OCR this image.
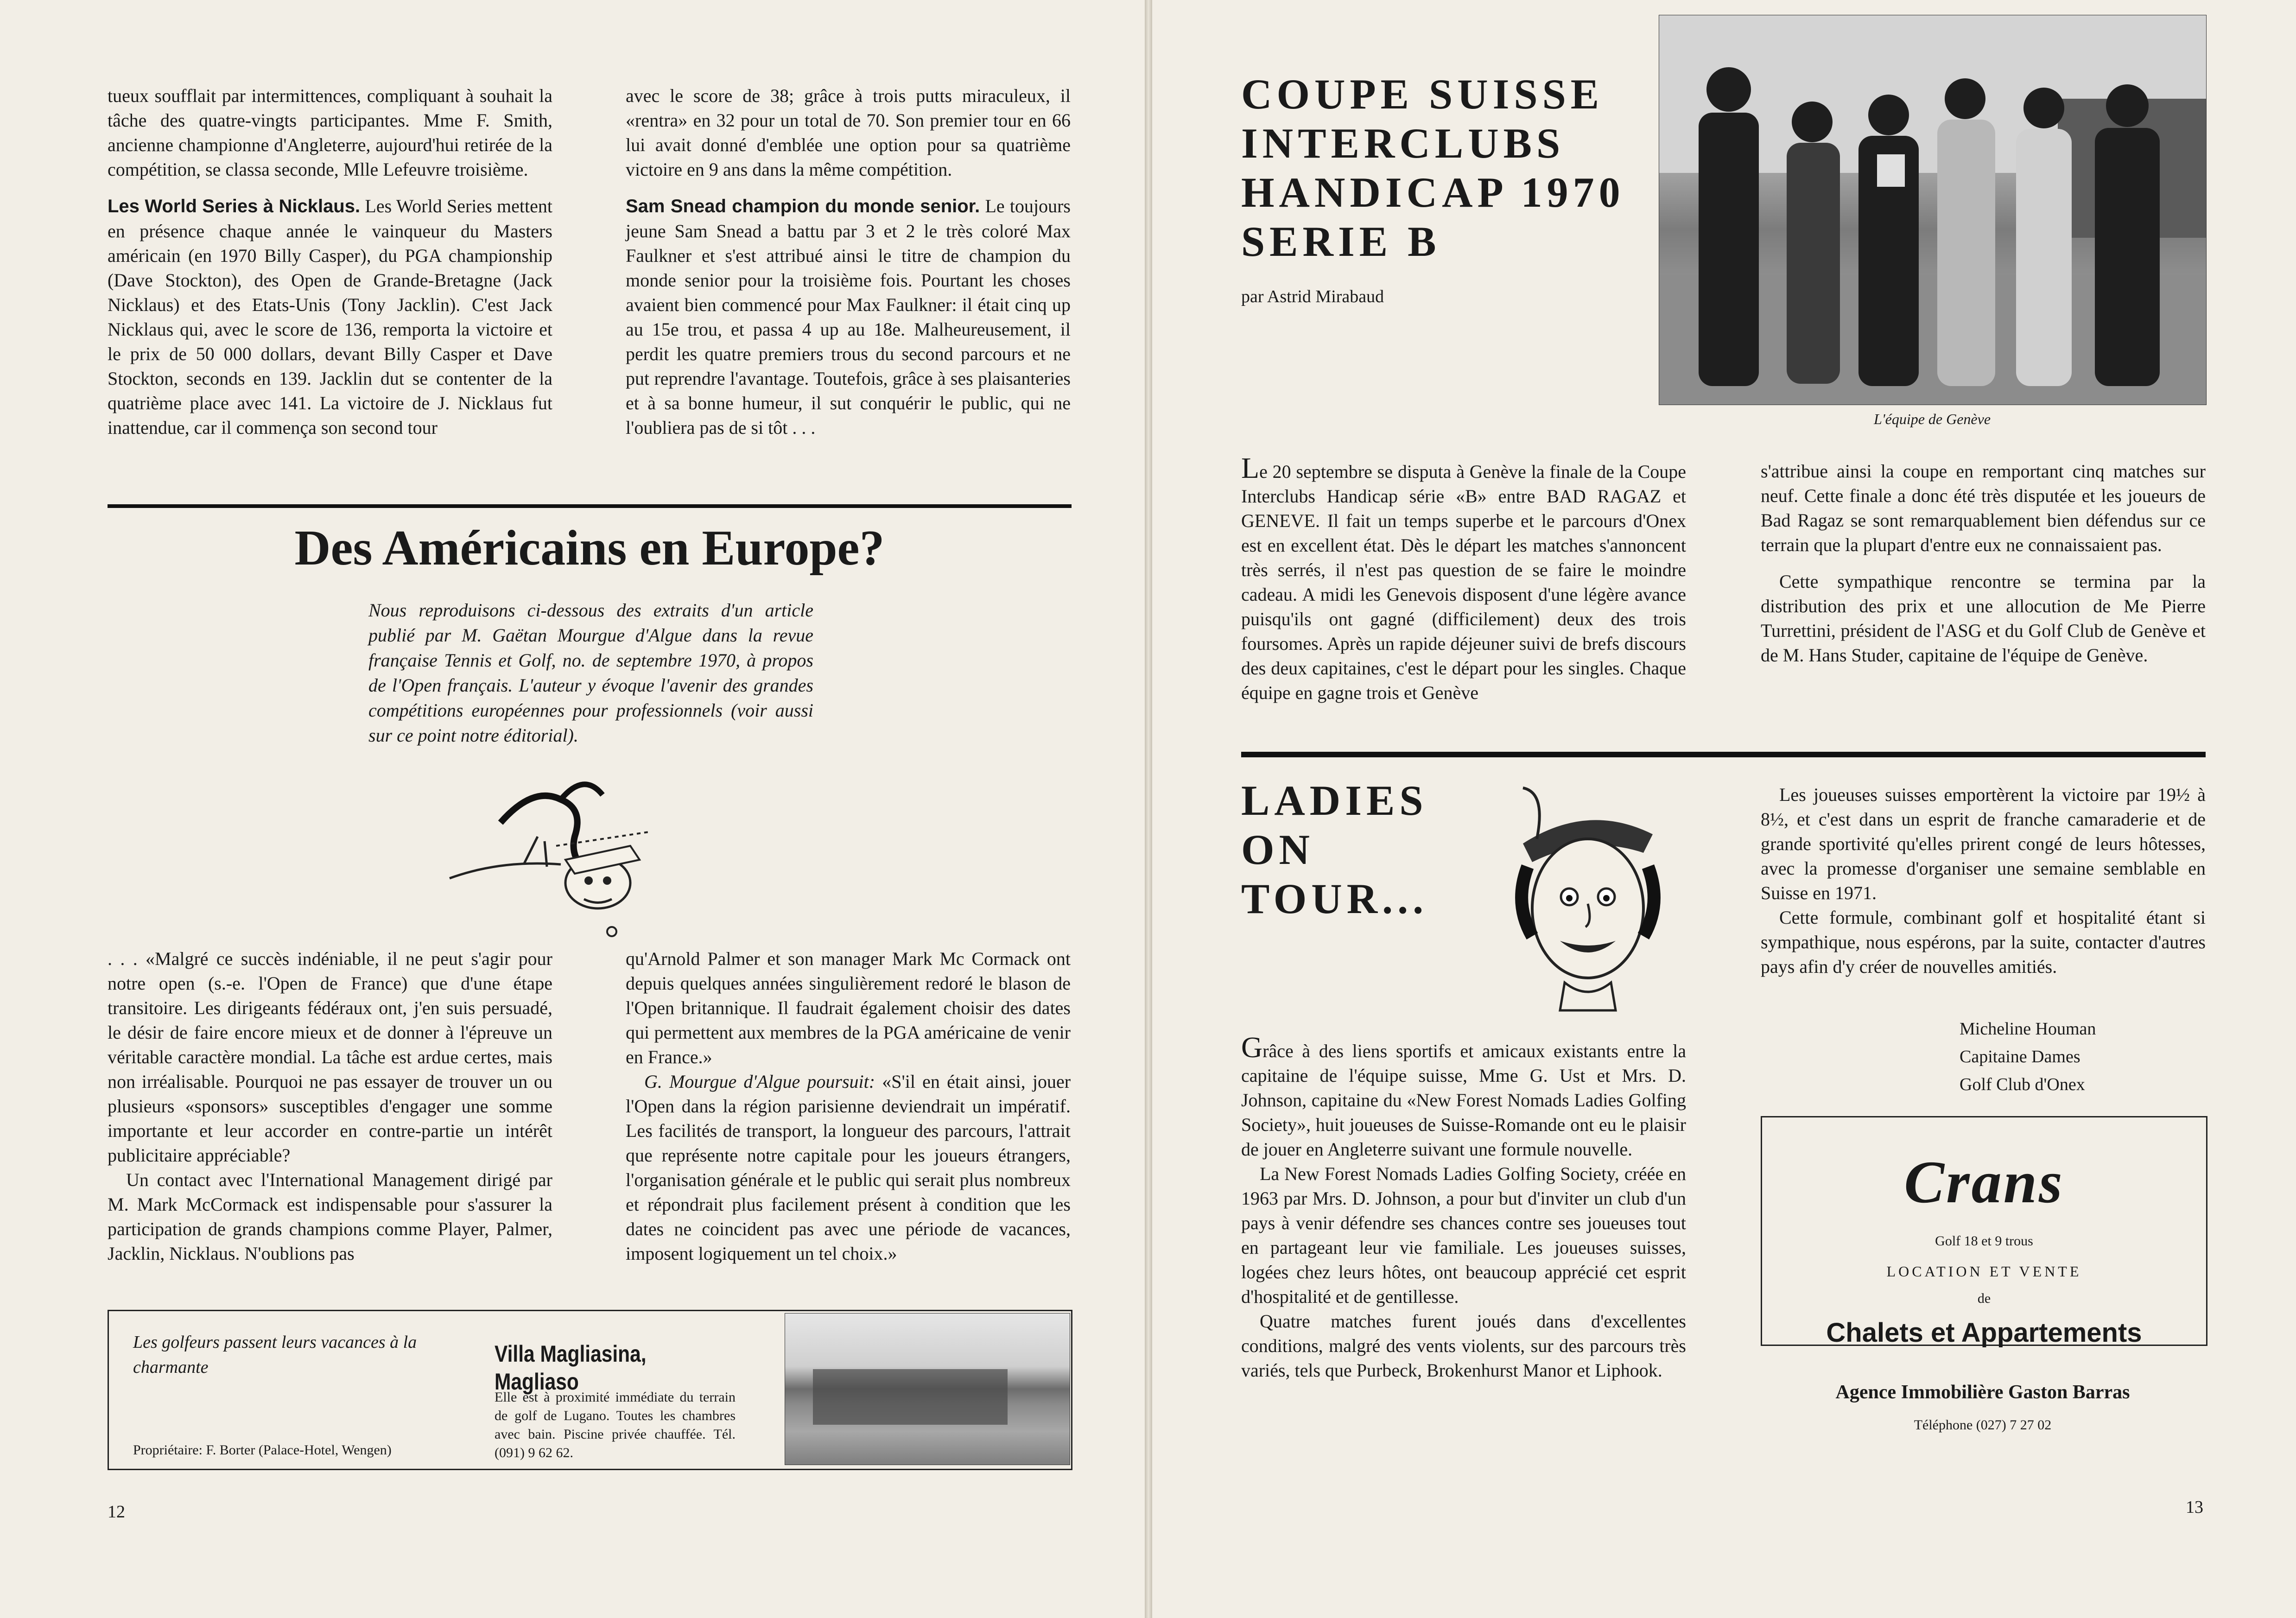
tueux soufflait par intermittences, compliquant à souhait la tâche des quatre-vingts participantes. Mme F. Smith, ancienne championne d'Angleterre, aujourd'hui retirée de la compétition, se classa seconde, Mlle Lefeuvre troisième.

Les World Series à Nicklaus. Les World Series mettent en présence chaque année le vainqueur du Masters américain (en 1970 Billy Casper), du PGA championship (Dave Stockton), des Open de Grande-Bretagne (Jack Nicklaus) et des Etats-Unis (Tony Jacklin). C'est Jack Nicklaus qui, avec le score de 136, remporta la victoire et le prix de 50 000 dollars, devant Billy Casper et Dave Stockton, seconds en 139. Jacklin dut se contenter de la quatrième place avec 141. La victoire de J. Nicklaus fut inattendue, car il commença son second tour

avec le score de 38; grâce à trois putts miraculeux, il «rentra» en 32 pour un total de 70. Son premier tour en 66 lui avait donné d'emblée une option pour sa quatrième victoire en 9 ans dans la même compétition.

Sam Snead champion du monde senior. Le toujours jeune Sam Snead a battu par 3 et 2 le très coloré Max Faulkner et s'est attribué ainsi le titre de champion du monde senior pour la troisième fois. Pourtant les choses avaient bien commencé pour Max Faulkner: il était cinq up au 15e trou, et passa 4 up au 18e. Malheureusement, il perdit les quatre premiers trous du second parcours et ne put reprendre l'avantage. Toutefois, grâce à ses plaisanteries et à sa bonne humeur, il sut conquérir le public, qui ne l'oubliera pas de si tôt . . .

Des Américains en Europe?
Nous reproduisons ci-dessous des extraits d'un article publié par M. Gaëtan Mourgue d'Algue dans la revue française Tennis et Golf, no. de septembre 1970, à propos de l'Open français. L'auteur y évoque l'avenir des grandes compétitions européennes pour professionnels (voir aussi sur ce point notre éditorial).

. . . «Malgré ce succès indéniable, il ne peut s'agir pour notre open (s.-e. l'Open de France) que d'une étape transitoire. Les dirigeants fédéraux ont, j'en suis persuadé, le désir de faire encore mieux et de donner à l'épreuve un véritable caractère mondial. La tâche est ardue certes, mais non irréalisable. Pourquoi ne pas essayer de trouver un ou plusieurs «sponsors» susceptibles d'engager une somme importante et leur accorder en contre-partie un intérêt publicitaire appréciable?

Un contact avec l'International Management dirigé par M. Mark McCormack est indispensable pour s'assurer la participation de grands champions comme Player, Palmer, Jacklin, Nicklaus. N'oublions pas

qu'Arnold Palmer et son manager Mark Mc Cormack ont depuis quelques années singulièrement redoré le blason de l'Open britannique. Il faudrait également choisir des dates qui permettent aux membres de la PGA américaine de venir en France.»

G. Mourgue d'Algue poursuit: «S'il en était ainsi, jouer l'Open dans la région parisienne deviendrait un impératif. Les facilités de transport, la longueur des parcours, l'attrait que représente notre capitale pour les joueurs étrangers, l'organisation générale et le public qui serait plus nombreux et répondrait plus facilement présent à condition que les dates ne coincident pas avec une période de vacances, imposent logiquement un tel choix.»

Les golfeurs passent leurs vacances à la charmante
Propriétaire: F. Borter (Palace-Hotel, Wengen)
Villa Magliasina, Magliaso
Elle est à proximité immédiate du terrain de golf de Lugano. Toutes les chambres avec bain. Piscine privée chauffée. Tél. (091) 9 62 62.
12
COUPE SUISSE
INTERCLUBS
HANDICAP 1970
SERIE B
par Astrid Mirabaud
L'équipe de Genève

Le 20 septembre se disputa à Genève la finale de la Coupe Interclubs Handicap série «B» entre BAD RAGAZ et GENEVE. Il fait un temps superbe et le parcours d'Onex est en excellent état. Dès le départ les matches s'annoncent très serrés, il n'est pas question de se faire le moindre cadeau. A midi les Genevois disposent d'une légère avance puisqu'ils ont gagné (difficilement) deux des trois foursomes. Après un rapide déjeuner suivi de brefs discours des deux capitaines, c'est le départ pour les singles. Chaque équipe en gagne trois et Genève

s'attribue ainsi la coupe en remportant cinq matches sur neuf. Cette finale a donc été très disputée et les joueurs de Bad Ragaz se sont remarquablement bien défendus sur ce terrain que la plupart d'entre eux ne connaissaient pas.

Cette sympathique rencontre se termina par la distribution des prix et une allocution de Me Pierre Turrettini, président de l'ASG et du Golf Club de Genève et de M. Hans Studer, capitaine de l'équipe de Genève.

LADIES
ON
TOUR...

Grâce à des liens sportifs et amicaux existants entre la capitaine de l'équipe suisse, Mme G. Ust et Mrs. D. Johnson, capitaine du «New Forest Nomads Ladies Golfing Society», huit joueuses de Suisse-Romande ont eu le plaisir de jouer en Angleterre suivant une formule nouvelle.

La New Forest Nomads Ladies Golfing Society, créée en 1963 par Mrs. D. Johnson, a pour but d'inviter un club d'un pays à venir défendre ses chances contre ses joueuses tout en partageant leur vie familiale. Les joueuses suisses, logées chez leurs hôtes, ont beaucoup apprécié cet esprit d'hospitalité et de gentillesse.

Quatre matches furent joués dans d'excellentes conditions, malgré des vents violents, sur des parcours très variés, tels que Purbeck, Brokenhurst Manor et Liphook.

Les joueuses suisses emportèrent la victoire par 19½ à 8½, et c'est dans un esprit de franche camaraderie et de grande sportivité qu'elles prirent congé de leurs hôtesses, avec la promesse d'organiser une semaine semblable en Suisse en 1971.

Cette formule, combinant golf et hospitalité étant si sympathique, nous espérons, par la suite, contacter d'autres pays afin d'y créer de nouvelles amitiés.

Micheline Houman
Capitaine Dames
Golf Club d'Onex
Crans
Golf 18 et 9 trous
LOCATION ET VENTE
de
Chalets et Appartements
Agence Immobilière Gaston Barras
Téléphone (027) 7 27 02
13
